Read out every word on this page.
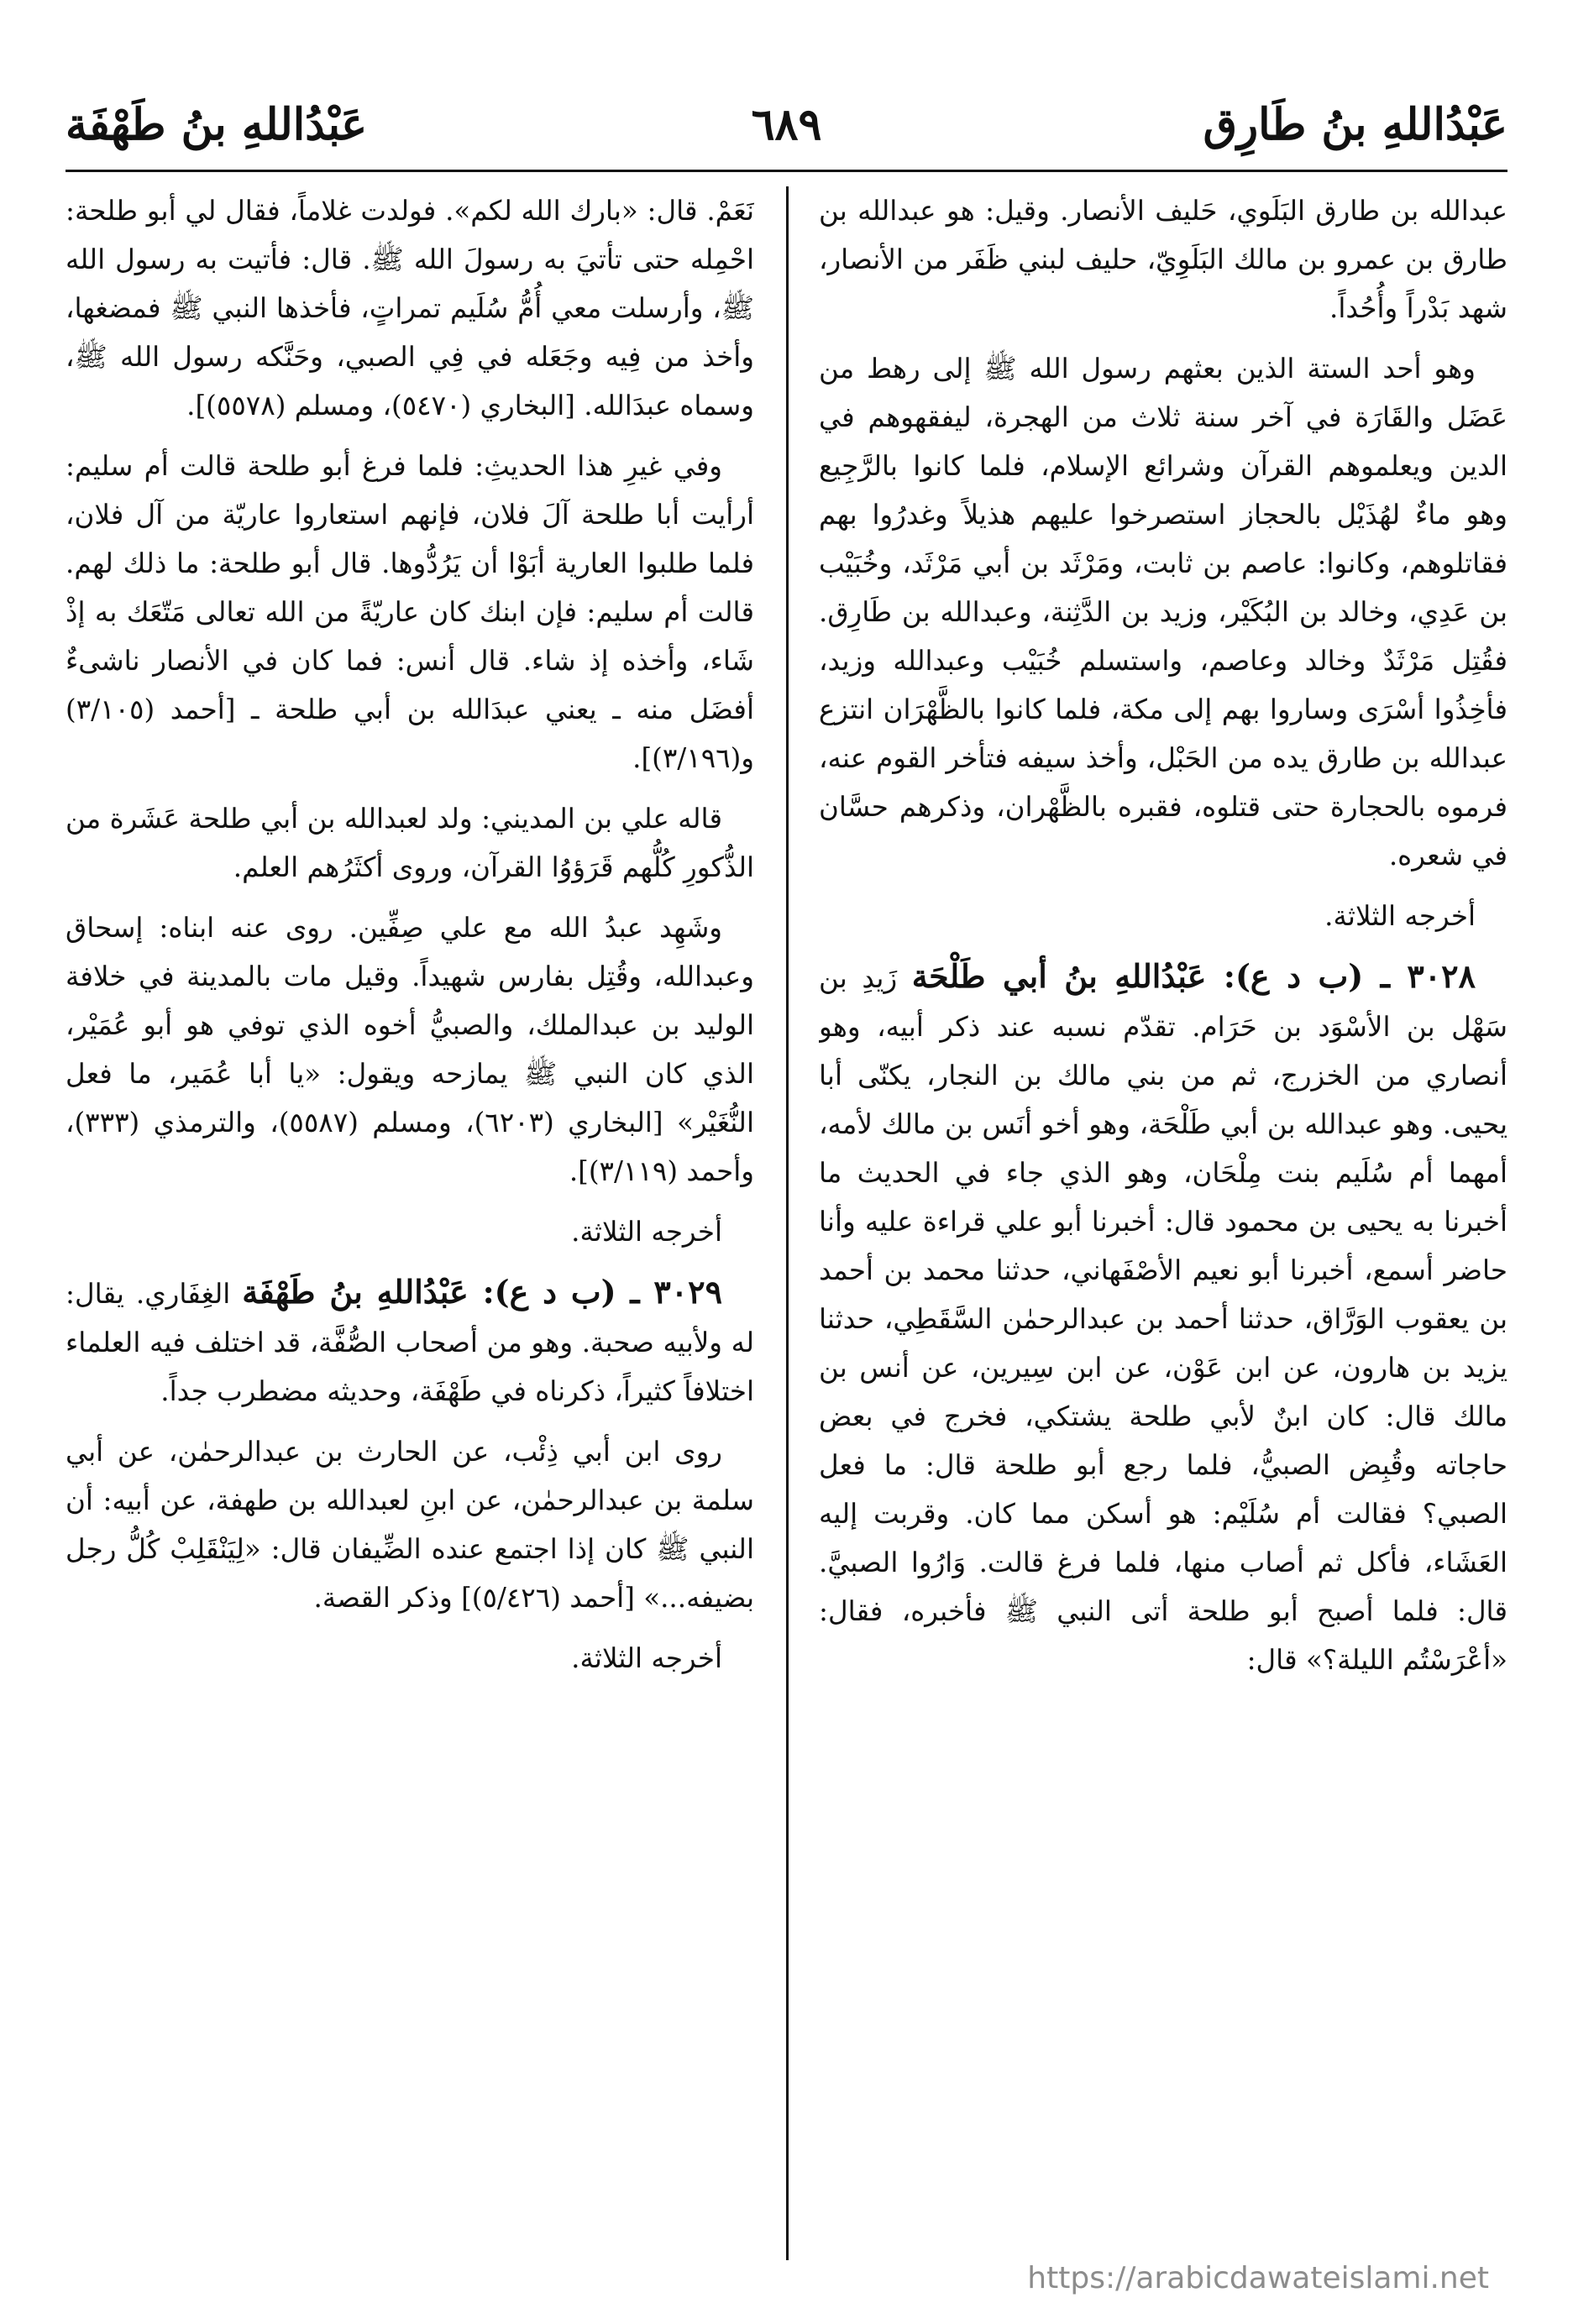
عَبْدُاللهِ بنُ طَهْفَة	٦٨٩	عَبْدُاللهِ بنُ طَارِق

عبدالله بن طارق البَلَوي، حَليف الأنصار. وقيل: هو عبدالله بن طارق بن عمرو بن مالك البَلَوِيّ، حليف لبني ظَفَر من الأنصار، شهد بَدْراً وأُحُداً.

وهو أحد الستة الذين بعثهم رسول الله ﷺ إلى رهط من عَضَل والقَارَة في آخر سنة ثلاث من الهجرة، ليفقهوهم في الدين ويعلموهم القرآن وشرائع الإسلام، فلما كانوا بالرَّجِيع وهو ماءٌ لهُذَيْل بالحجاز استصرخوا عليهم هذيلاً وغدرُوا بهم فقاتلوهم، وكانوا: عاصم بن ثابت، ومَرْثَد بن أبي مَرْثَد، وخُبَيْب بن عَدِي، وخالد بن البُكَيْر، وزيد بن الدَّثِنة، وعبدالله بن طَارِق. فقُتِل مَرْثَدٌ وخالد وعاصم، واستسلم خُبَيْب وعبدالله وزيد، فأخِذُوا أسْرَى وساروا بهم إلى مكة، فلما كانوا بالظَّهْرَان انتزع عبدالله بن طارق يده من الحَبْل، وأخذ سيفه فتأخر القوم عنه، فرموه بالحجارة حتى قتلوه، فقبره بالظَّهْران، وذكرهم حسَّان في شعره.

أخرجه الثلاثة.

٣٠٢٨ ـ (ب د ع): عَبْدُاللهِ بنُ أبي طَلْحَة زَيدِ بن سَهْل بن الأسْوَد بن حَرَام. تقدّم نسبه عند ذكر أبيه، وهو أنصاري من الخزرج، ثم من بني مالك بن النجار، يكنّى أبا يحيى. وهو عبدالله بن أبي طَلْحَة، وهو أخو أنَس بن مالك لأمه، أمهما أم سُلَيم بنت مِلْحَان، وهو الذي جاء في الحديث ما أخبرنا به يحيى بن محمود قال: أخبرنا أبو علي قراءة عليه وأنا حاضر أسمع، أخبرنا أبو نعيم الأصْفَهاني، حدثنا محمد بن أحمد بن يعقوب الوَرَّاق، حدثنا أحمد بن عبدالرحمٰن السَّقَطِي، حدثنا يزيد بن هارون، عن ابن عَوْن، عن ابن سِيرين، عن أنس بن مالك قال: كان ابنٌ لأبي طلحة يشتكي، فخرج في بعض حاجاته وقُبِض الصبيُّ، فلما رجع أبو طلحة قال: ما فعل الصبي؟ فقالت أم سُلَيْم: هو أسكن مما كان. وقربت إليه العَشَاء، فأكل ثم أصاب منها، فلما فرغ قالت. وَارُوا الصبيَّ. قال: فلما أصبح أبو طلحة أتى النبي ﷺ فأخبره، فقال: «أعْرَسْتُم الليلة؟» قال:

نَعَمْ. قال: «بارك الله لكم». فولدت غلاماً، فقال لي أبو طلحة: احْمِله حتى تأتيَ به رسولَ الله ﷺ. قال: فأتيت به رسول الله ﷺ، وأرسلت معي أُمُّ سُلَيم تمراتٍ، فأخذها النبي ﷺ فمضغها، وأخذ من فِيه وجَعَله في فِي الصبي، وحَنَّكه رسول الله ﷺ، وسماه عبدَالله. [البخاري (٥٤٧٠)، ومسلم (٥٥٧٨)].

وفي غيرِ هذا الحديثِ: فلما فرغ أبو طلحة قالت أم سليم: أرأيت أبا طلحة آلَ فلان، فإنهم استعاروا عاريّة من آل فلان، فلما طلبوا العارية أبَوْا أن يَرُدُّوها. قال أبو طلحة: ما ذلك لهم. قالت أم سليم: فإن ابنك كان عاريّةً من الله تعالى مَتّعَك به إذْ شَاء، وأخذه إذ شاء. قال أنس: فما كان في الأنصار ناشىءٌ أفضَل منه ـ يعني عبدَالله بن أبي طلحة ـ [أحمد (٣/١٠٥) و(٣/١٩٦)].

قاله علي بن المديني: ولد لعبدالله بن أبي طلحة عَشَرة من الذُّكورِ كُلُّهم قَرَؤوُا القرآن، وروى أكثَرُهم العلم.

وشَهِد عبدُ الله مع علي صِفِّين. روى عنه ابناه: إسحاق وعبدالله، وقُتِل بفارس شهيداً. وقيل مات بالمدينة في خلافة الوليد بن عبدالملك، والصبيُّ أخوه الذي توفي هو أبو عُمَيْر، الذي كان النبي ﷺ يمازحه ويقول: «يا أبا عُمَير، ما فعل النُّغَيْر» [البخاري (٦٢٠٣)، ومسلم (٥٥٨٧)، والترمذي (٣٣٣)، وأحمد (٣/١١٩)].

أخرجه الثلاثة.

٣٠٢٩ ـ (ب د ع): عَبْدُاللهِ بنُ طَهْفَة الغِفَاري. يقال: له ولأبيه صحبة. وهو من أصحاب الصُّفَّة، قد اختلف فيه العلماء اختلافاً كثيراً، ذكرناه في طَهْفَة، وحديثه مضطرب جداً.

روى ابن أبي ذِئْب، عن الحارث بن عبدالرحمٰن، عن أبي سلمة بن عبدالرحمٰن، عن ابنِ لعبدالله بن طهفة، عن أبيه: أن النبي ﷺ كان إذا اجتمع عنده الضِّيفان قال: «لِيَنْقَلِبْ كُلُّ رجل بضيفه...» [أحمد (٥/٤٢٦)] وذكر القصة.

أخرجه الثلاثة.

https://arabicdawateislami.net
